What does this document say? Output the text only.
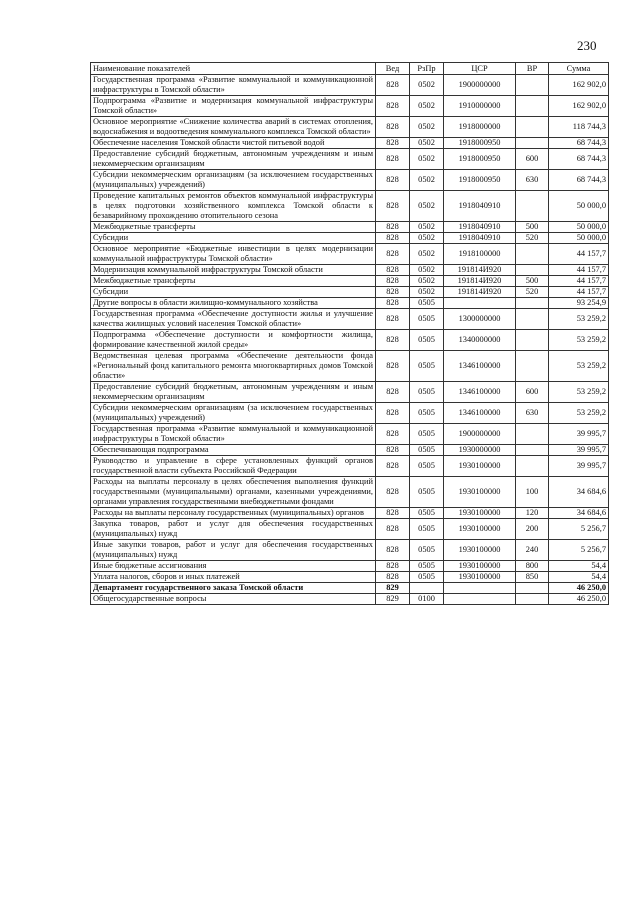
230
Наименование показателей	Вед	РзПр	ЦСР	ВР	Сумма
Государственная программа «Развитие коммунальной и коммуникационной инфраструктуры в Томской области»	828	0502	1900000000		162 902,0
Подпрограмма «Развитие и модернизация коммунальной инфраструктуры Томской области»	828	0502	1910000000		162 902,0
Основное мероприятие «Снижение количества аварий в системах отопления, водоснабжения и водоотведения коммунального комплекса Томской области»	828	0502	1918000000		118 744,3
Обеспечение населения Томской области чистой питьевой водой	828	0502	1918000950		68 744,3
Предоставление субсидий бюджетным, автономным учреждениям и иным некоммерческим организациям	828	0502	1918000950	600	68 744,3
Субсидии некоммерческим организациям (за исключением государственных (муниципальных) учреждений)	828	0502	1918000950	630	68 744,3
Проведение капитальных ремонтов объектов коммунальной инфраструктуры в целях подготовки хозяйственного комплекса Томской области к безаварийному прохождению отопительного сезона	828	0502	1918040910		50 000,0
Межбюджетные трансферты	828	0502	1918040910	500	50 000,0
Субсидии	828	0502	1918040910	520	50 000,0
Основное мероприятие «Бюджетные инвестиции в целях модернизации коммунальной инфраструктуры Томской области»	828	0502	1918100000		44 157,7
Модернизация коммунальной инфраструктуры Томской области	828	0502	191814И920		44 157,7
Межбюджетные трансферты	828	0502	191814И920	500	44 157,7
Субсидии	828	0502	191814И920	520	44 157,7
Другие вопросы в области жилищно-коммунального хозяйства	828	0505			93 254,9
Государственная программа «Обеспечение доступности жилья и улучшение качества жилищных условий населения Томской области»	828	0505	1300000000		53 259,2
Подпрограмма «Обеспечение доступности и комфортности жилища, формирование качественной жилой среды»	828	0505	1340000000		53 259,2
Ведомственная целевая программа «Обеспечение деятельности фонда «Региональный фонд капитального ремонта многоквартирных домов Томской области»	828	0505	1346100000		53 259,2
Предоставление субсидий бюджетным, автономным учреждениям и иным некоммерческим организациям	828	0505	1346100000	600	53 259,2
Субсидии некоммерческим организациям (за исключением государственных (муниципальных) учреждений)	828	0505	1346100000	630	53 259,2
Государственная программа «Развитие коммунальной и коммуникационной инфраструктуры в Томской области»	828	0505	1900000000		39 995,7
Обеспечивающая подпрограмма	828	0505	1930000000		39 995,7
Руководство и управление в сфере установленных функций органов государственной власти субъекта Российской Федерации	828	0505	1930100000		39 995,7
Расходы на выплаты персоналу в целях обеспечения выполнения функций государственными (муниципальными) органами, казенными учреждениями, органами управления государственными внебюджетными фондами	828	0505	1930100000	100	34 684,6
Расходы на выплаты персоналу государственных (муниципальных) органов	828	0505	1930100000	120	34 684,6
Закупка товаров, работ и услуг для обеспечения государственных (муниципальных) нужд	828	0505	1930100000	200	5 256,7
Иные закупки товаров, работ и услуг для обеспечения государственных (муниципальных) нужд	828	0505	1930100000	240	5 256,7
Иные бюджетные ассигнования	828	0505	1930100000	800	54,4
Уплата налогов, сборов и иных платежей	828	0505	1930100000	850	54,4
Департамент государственного заказа Томской области	829				46 250,0
Общегосударственные вопросы	829	0100			46 250,0
